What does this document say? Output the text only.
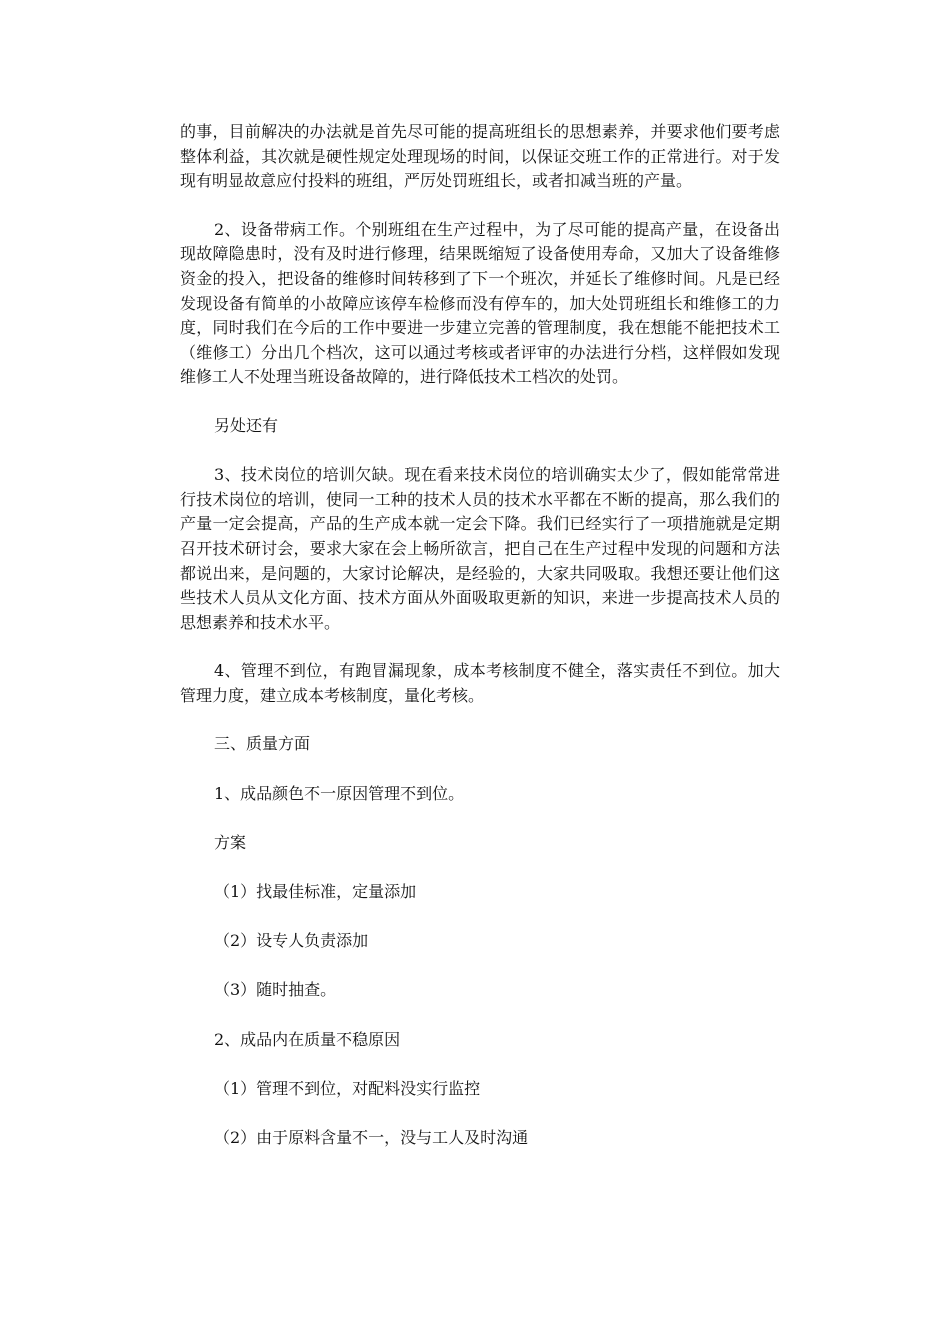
的事，目前解决的办法就是首先尽可能的提高班组长的思想素养，并要求他们要考虑整体利益，其次就是硬性规定处理现场的时间，以保证交班工作的正常进行。对于发现有明显故意应付投料的班组，严厉处罚班组长，或者扣减当班的产量。

2、设备带病工作。个别班组在生产过程中，为了尽可能的提高产量，在设备出现故障隐患时，没有及时进行修理，结果既缩短了设备使用寿命，又加大了设备维修资金的投入，把设备的维修时间转移到了下一个班次，并延长了维修时间。凡是已经发现设备有简单的小故障应该停车检修而没有停车的，加大处罚班组长和维修工的力度，同时我们在今后的工作中要进一步建立完善的管理制度，我在想能不能把技术工（维修工）分出几个档次，这可以通过考核或者评审的办法进行分档，这样假如发现维修工人不处理当班设备故障的，进行降低技术工档次的处罚。

另处还有

3、技术岗位的培训欠缺。现在看来技术岗位的培训确实太少了，假如能常常进行技术岗位的培训，使同一工种的技术人员的技术水平都在不断的提高，那么我们的产量一定会提高，产品的生产成本就一定会下降。我们已经实行了一项措施就是定期召开技术研讨会，要求大家在会上畅所欲言，把自己在生产过程中发现的问题和方法都说出来，是问题的，大家讨论解决，是经验的，大家共同吸取。我想还要让他们这些技术人员从文化方面、技术方面从外面吸取更新的知识，来进一步提高技术人员的思想素养和技术水平。

4、管理不到位，有跑冒漏现象，成本考核制度不健全，落实责任不到位。加大管理力度，建立成本考核制度，量化考核。

三、质量方面

1、成品颜色不一原因管理不到位。

方案

（1）找最佳标准，定量添加

（2）设专人负责添加

（3）随时抽查。

2、成品内在质量不稳原因

（1）管理不到位，对配料没实行监控

（2）由于原料含量不一，没与工人及时沟通
